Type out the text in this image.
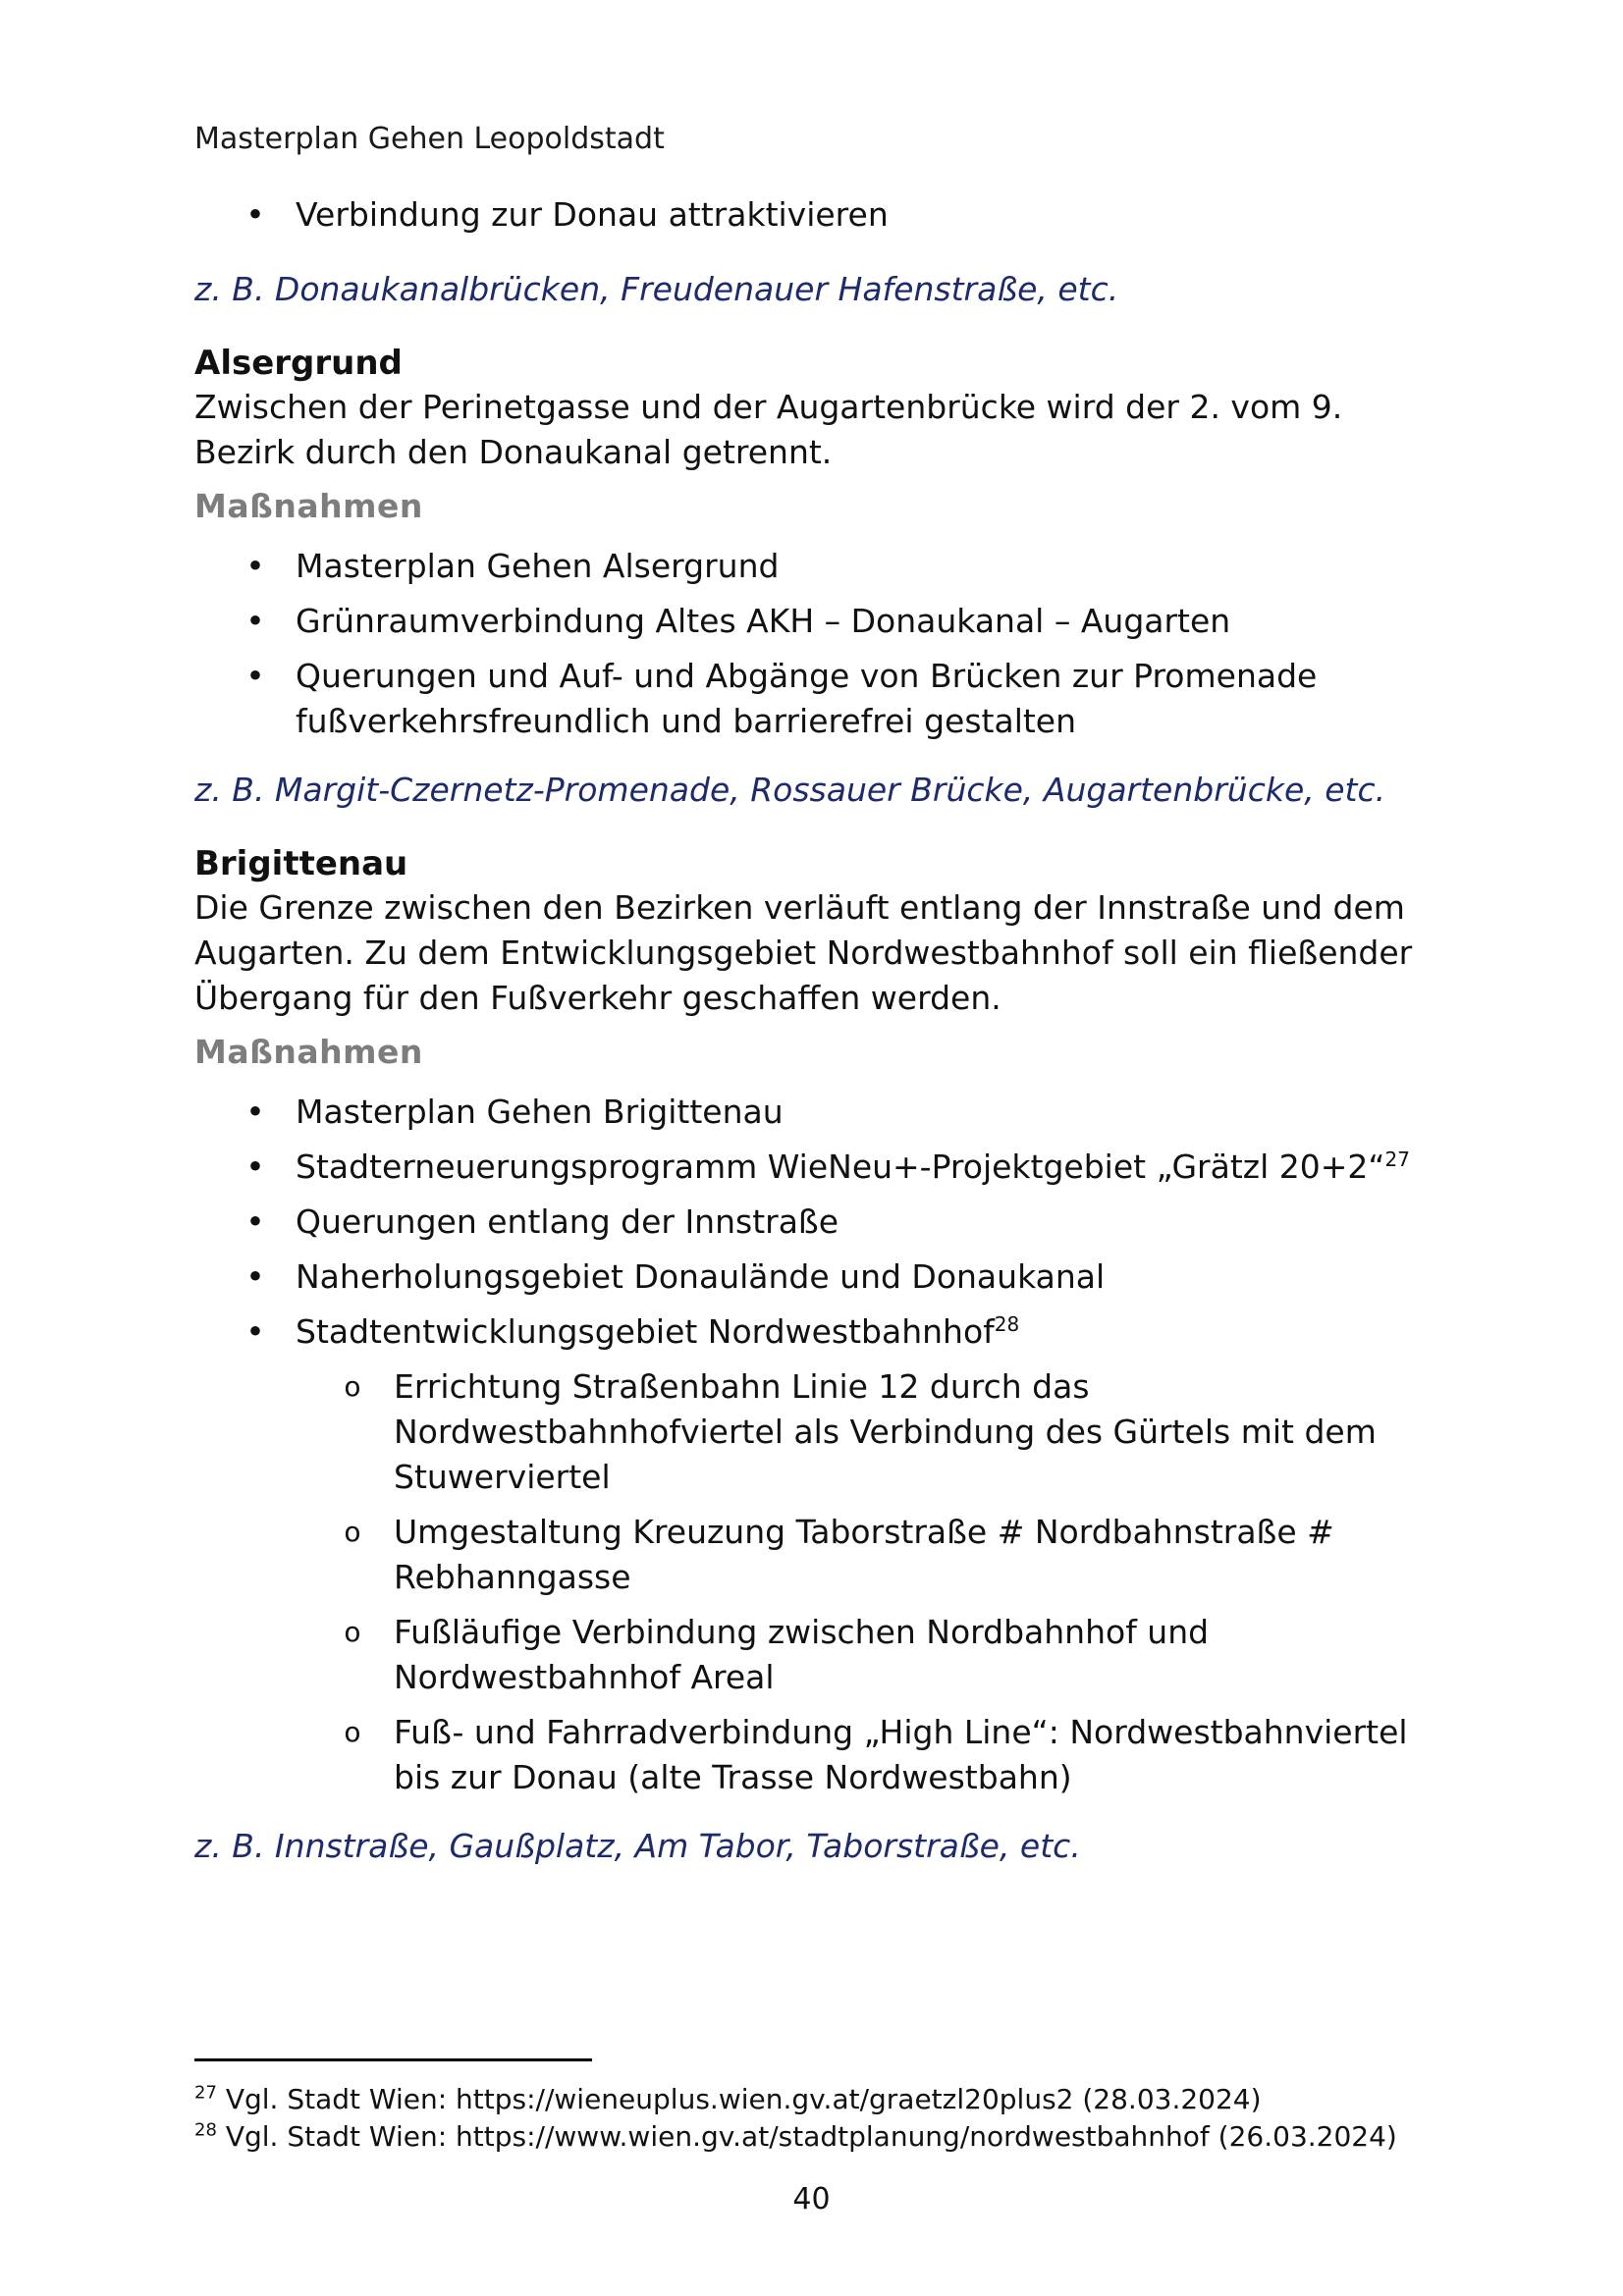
Masterplan Gehen Leopoldstadt
• Verbindung zur Donau attraktivieren

z. B. Donaukanalbrücken, Freudenauer Hafenstraße, etc.

Alsergrund

Zwischen der Perinetgasse und der Augartenbrücke wird der 2. vom 9. Bezirk durch den Donaukanal getrennt.

Maßnahmen

• Masterplan Gehen Alsergrund
• Grünraumverbindung Altes AKH – Donaukanal – Augarten
• Querungen und Auf- und Abgänge von Brücken zur Promenade fußverkehrsfreundlich und barrierefrei gestalten

z. B. Margit-Czernetz-Promenade, Rossauer Brücke, Augartenbrücke, etc.

Brigittenau

Die Grenze zwischen den Bezirken verläuft entlang der Innstraße und dem Augarten. Zu dem Entwicklungsgebiet Nordwestbahnhof soll ein fließender Übergang für den Fußverkehr geschaffen werden.

Maßnahmen

• Masterplan Gehen Brigittenau
• Stadterneuerungsprogramm WieNeu+-Projektgebiet „Grätzl 20+2“$^{27}$
• Querungen entlang der Innstraße
• Naherholungsgebiet Donaulände und Donaukanal
• Stadtentwicklungsgebiet Nordwestbahnhof$^{28}$
o Errichtung Straßenbahn Linie 12 durch das Nordwestbahnhofviertel als Verbindung des Gürtels mit dem Stuwerviertel
o Umgestaltung Kreuzung Taborstraße # Nordbahnstraße # Rebhanngasse
o Fußläufige Verbindung zwischen Nordbahnhof und Nordwestbahnhof Areal
o Fuß- und Fahrradverbindung „High Line“: Nordwestbahnviertel bis zur Donau (alte Trasse Nordwestbahn)

z. B. Innstraße, Gaußplatz, Am Tabor, Taborstraße, etc.

$^{27}$ Vgl. Stadt Wien: https://wieneuplus.wien.gv.at/graetzl20plus2 (28.03.2024)

$^{28}$ Vgl. Stadt Wien: https://www.wien.gv.at/stadtplanung/nordwestbahnhof (26.03.2024)

40
